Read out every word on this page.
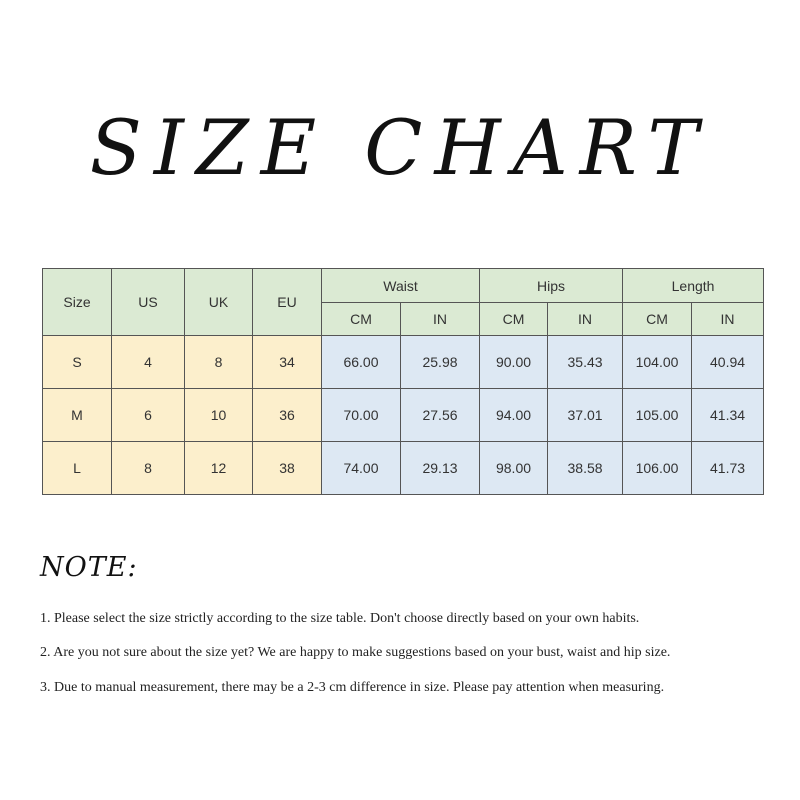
SIZE CHART
Size	US	UK	EU	Waist		Hips		Length	
				CM	IN	CM	IN	CM	IN
S	4	8	34	66.00	25.98	90.00	35.43	104.00	40.94
M	6	10	36	70.00	27.56	94.00	37.01	105.00	41.34
L	8	12	38	74.00	29.13	98.00	38.58	106.00	41.73
NOTE:
1. Please select the size strictly according to the size table. Don't choose directly based on your own habits.
2. Are you not sure about the size yet? We are happy to make suggestions based on your bust, waist and hip size.
3. Due to manual measurement, there may be a 2-3 cm difference in size. Please pay attention when measuring.
